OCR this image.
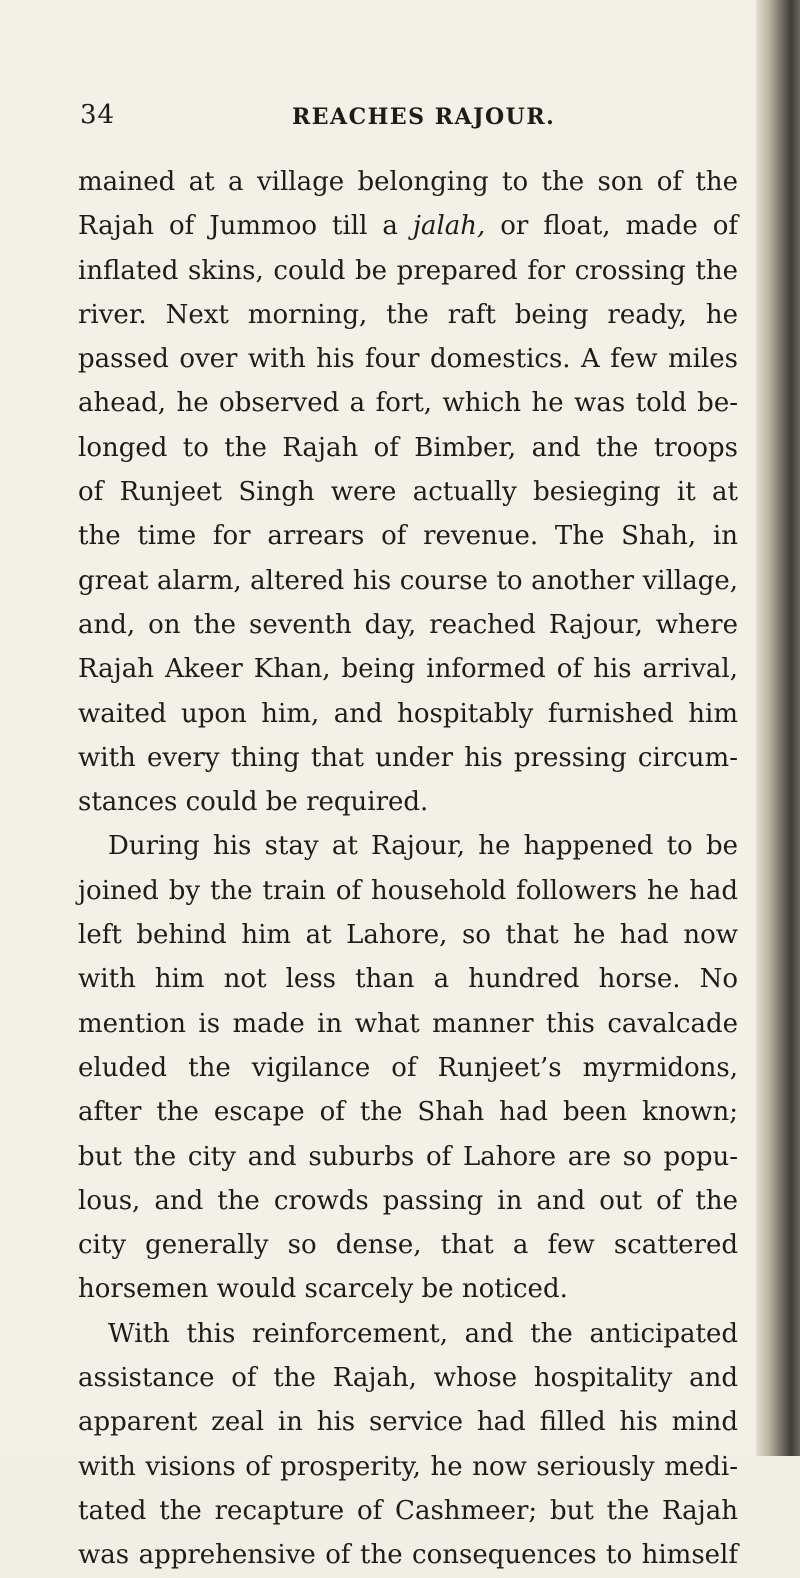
34	REACHES RAJOUR.
mained at a village belonging to the son of the
Rajah of Jummoo till a jalah, or float, made of
inflated skins, could be prepared for crossing the
river. Next morning, the raft being ready, he
passed over with his four domestics. A few miles
ahead, he observed a fort, which he was told be-
longed to the Rajah of Bimber, and the troops
of Runjeet Singh were actually besieging it at
the time for arrears of revenue. The Shah, in
great alarm, altered his course to another village,
and, on the seventh day, reached Rajour, where
Rajah Akeer Khan, being informed of his arrival,
waited upon him, and hospitably furnished him
with every thing that under his pressing circum-
stances could be required.
During his stay at Rajour, he happened to be
joined by the train of household followers he had
left behind him at Lahore, so that he had now
with him not less than a hundred horse. No
mention is made in what manner this cavalcade
eluded the vigilance of Runjeet’s myrmidons,
after the escape of the Shah had been known;
but the city and suburbs of Lahore are so popu-
lous, and the crowds passing in and out of the
city generally so dense, that a few scattered
horsemen would scarcely be noticed.
With this reinforcement, and the anticipated
assistance of the Rajah, whose hospitality and
apparent zeal in his service had filled his mind
with visions of prosperity, he now seriously medi-
tated the recapture of Cashmeer; but the Rajah
was apprehensive of the consequences to himself
